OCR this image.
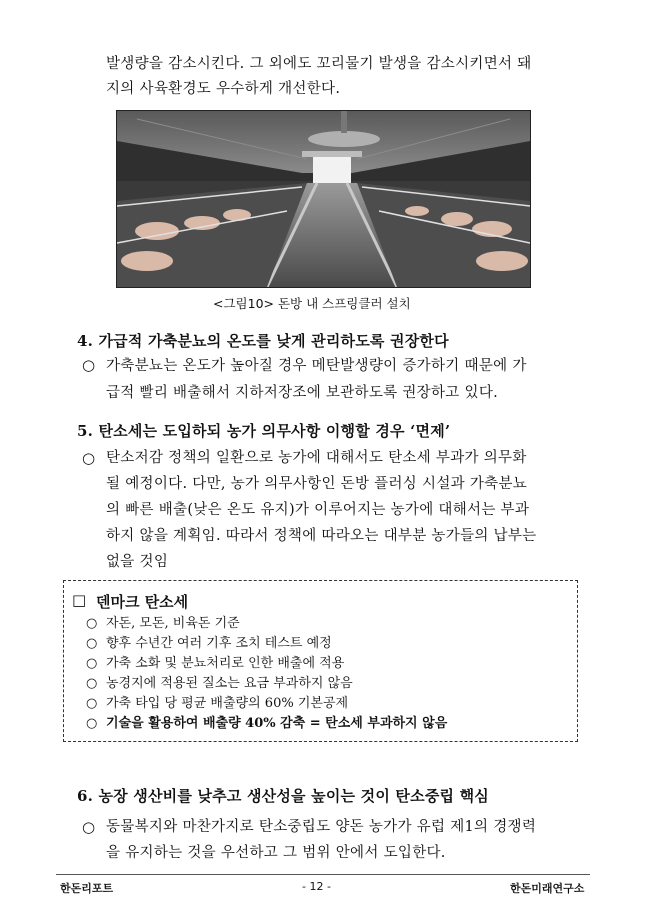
발생량을 감소시킨다. 그 외에도 꼬리물기 발생을 감소시키면서 돼
지의 사육환경도 우수하게 개선한다.
<그림10> 돈방 내 스프링클러 설치
4. 가급적 가축분뇨의 온도를 낮게 관리하도록 권장한다
○ 가축분뇨는 온도가 높아질 경우 메탄발생량이 증가하기 때문에 가
급적 빨리 배출해서 지하저장조에 보관하도록 권장하고 있다.
5. 탄소세는 도입하되 농가 의무사항 이행할 경우 ‘면제’
○ 탄소저감 정책의 일환으로 농가에 대해서도 탄소세 부과가 의무화
될 예정이다. 다만, 농가 의무사항인 돈방 플러싱 시설과 가축분뇨
의 빠른 배출(낮은 온도 유지)가 이루어지는 농가에 대해서는 부과
하지 않을 계획임. 따라서 정책에 따라오는 대부분 농가들의 납부는
없을 것임
□ 덴마크 탄소세
○ 자돈, 모돈, 비육돈 기준
○ 향후 수년간 여러 기후 조치 테스트 예정
○ 가축 소화 및 분뇨처리로 인한 배출에 적용
○ 농경지에 적용된 질소는 요금 부과하지 않음
○ 가축 타입 당 평균 배출량의 60% 기본공제
○ 기술을 활용하여 배출량 40% 감축 = 탄소세 부과하지 않음
6. 농장 생산비를 낮추고 생산성을 높이는 것이 탄소중립 핵심
○ 동물복지와 마찬가지로 탄소중립도 양돈 농가가 유럽 제1의 경쟁력
을 유지하는 것을 우선하고 그 범위 안에서 도입한다.
한돈리포트	- 12 -	한돈미래연구소
